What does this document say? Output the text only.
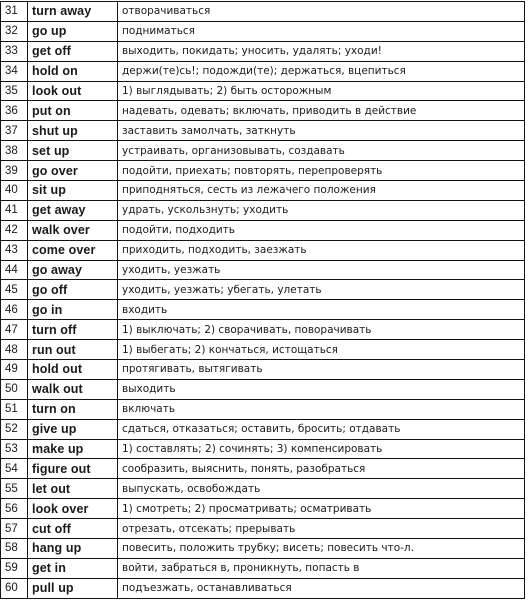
31	turn away	отворачиваться
32	go up	подниматься
33	get off	выходить, покидать; уносить, удалять; уходи!
34	hold on	держи(те)сь!; подожди(те); держаться, вцепиться
35	look out	1) выглядывать; 2) быть осторожным
36	put on	надевать, одевать; включать, приводить в действие
37	shut up	заставить замолчать, заткнуть
38	set up	устраивать, организовывать, создавать
39	go over	подойти, приехать; повторять, перепроверять
40	sit up	приподняться, сесть из лежачего положения
41	get away	удрать, ускользнуть; уходить
42	walk over	подойти, подходить
43	come over	приходить, подходить, заезжать
44	go away	уходить, уезжать
45	go off	уходить, уезжать; убегать, улетать
46	go in	входить
47	turn off	1) выключать; 2) сворачивать, поворачивать
48	run out	1) выбегать; 2) кончаться, истощаться
49	hold out	протягивать, вытягивать
50	walk out	выходить
51	turn on	включать
52	give up	сдаться, отказаться; оставить, бросить; отдавать
53	make up	1) составлять; 2) сочинять; 3) компенсировать
54	figure out	сообразить, выяснить, понять, разобраться
55	let out	выпускать, освобождать
56	look over	1) смотреть; 2) просматривать; осматривать
57	cut off	отрезать, отсекать; прерывать
58	hang up	повесить, положить трубку; висеть; повесить что-л.
59	get in	войти, забраться в, проникнуть, попасть в
60	pull up	подъезжать, останавливаться
